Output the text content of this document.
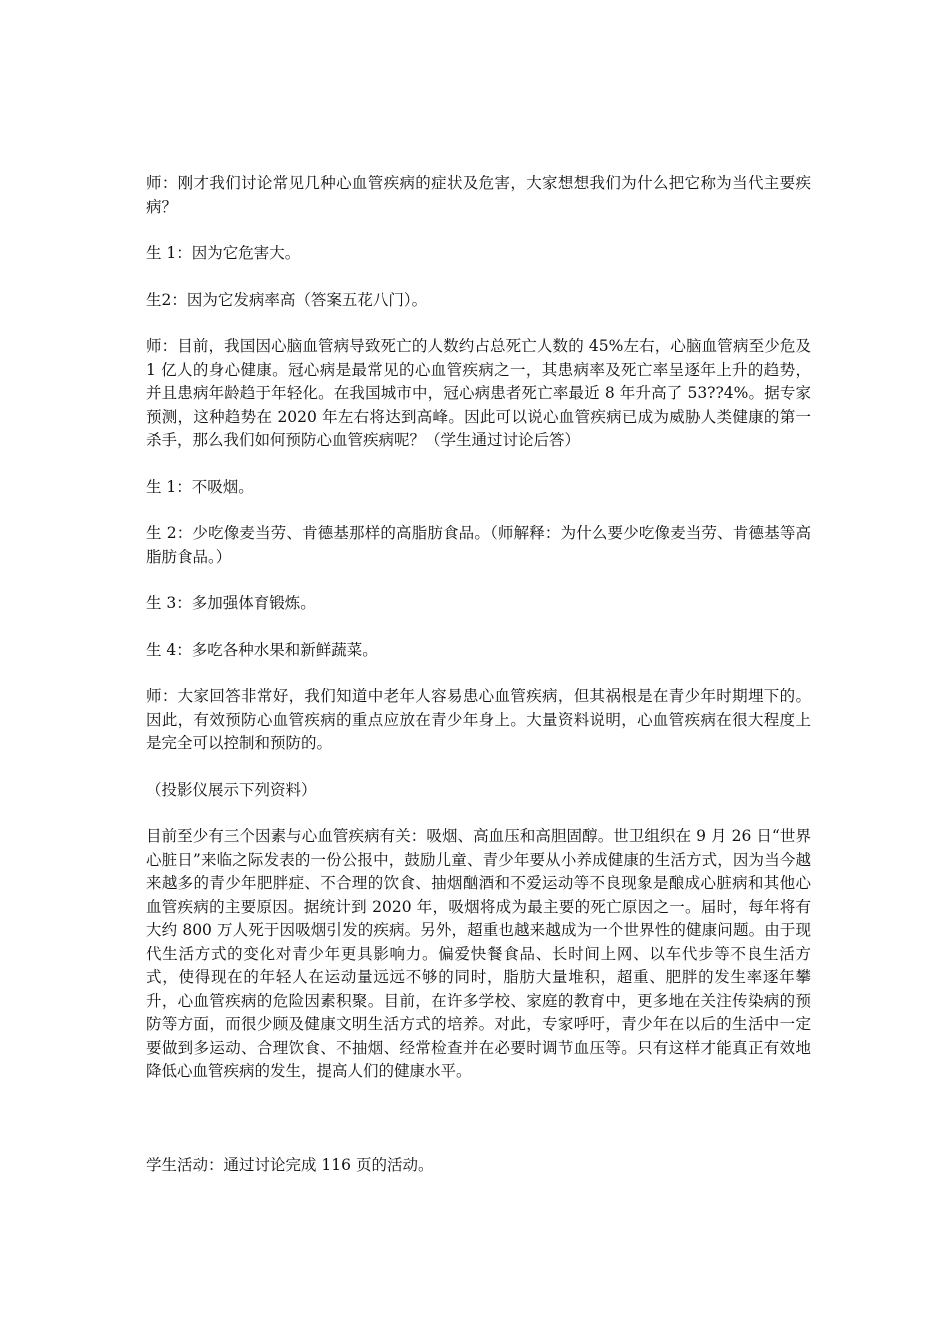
师：刚才我们讨论常见几种心血管疾病的症状及危害，大家想想我们为什么把它称为当代主要疾病？

生 1：因为它危害大。

生2：因为它发病率高（答案五花八门）。

师：目前，我国因心脑血管病导致死亡的人数约占总死亡人数的 45%左右，心脑血管病至少危及 1 亿人的身心健康。冠心病是最常见的心血管疾病之一，其患病率及死亡率呈逐年上升的趋势，并且患病年龄趋于年轻化。在我国城市中，冠心病患者死亡率最近 8 年升高了 53??4%。据专家预测，这种趋势在 2020 年左右将达到高峰。因此可以说心血管疾病已成为威胁人类健康的第一杀手，那么我们如何预防心血管疾病呢？（学生通过讨论后答）

生 1：不吸烟。

生 2：少吃像麦当劳、肯德基那样的高脂肪食品。（师解释：为什么要少吃像麦当劳、肯德基等高脂肪食品。）

生 3：多加强体育锻炼。

生 4：多吃各种水果和新鲜蔬菜。

师：大家回答非常好，我们知道中老年人容易患心血管疾病，但其祸根是在青少年时期埋下的。因此，有效预防心血管疾病的重点应放在青少年身上。大量资料说明，心血管疾病在很大程度上是完全可以控制和预防的。

（投影仪展示下列资料）

目前至少有三个因素与心血管疾病有关：吸烟、高血压和高胆固醇。世卫组织在 9 月 26 日“世界心脏日”来临之际发表的一份公报中，鼓励儿童、青少年要从小养成健康的生活方式，因为当今越来越多的青少年肥胖症、不合理的饮食、抽烟酗酒和不爱运动等不良现象是酿成心脏病和其他心血管疾病的主要原因。据统计到 2020 年，吸烟将成为最主要的死亡原因之一。届时，每年将有大约 800 万人死于因吸烟引发的疾病。另外，超重也越来越成为一个世界性的健康问题。由于现代生活方式的变化对青少年更具影响力。偏爱快餐食品、长时间上网、以车代步等不良生活方式，使得现在的年轻人在运动量远远不够的同时，脂肪大量堆积，超重、肥胖的发生率逐年攀升，心血管疾病的危险因素积聚。目前，在许多学校、家庭的教育中，更多地在关注传染病的预防等方面，而很少顾及健康文明生活方式的培养。对此，专家呼吁，青少年在以后的生活中一定要做到多运动、合理饮食、不抽烟、经常检查并在必要时调节血压等。只有这样才能真正有效地降低心血管疾病的发生，提高人们的健康水平。

学生活动：通过讨论完成 116 页的活动。
